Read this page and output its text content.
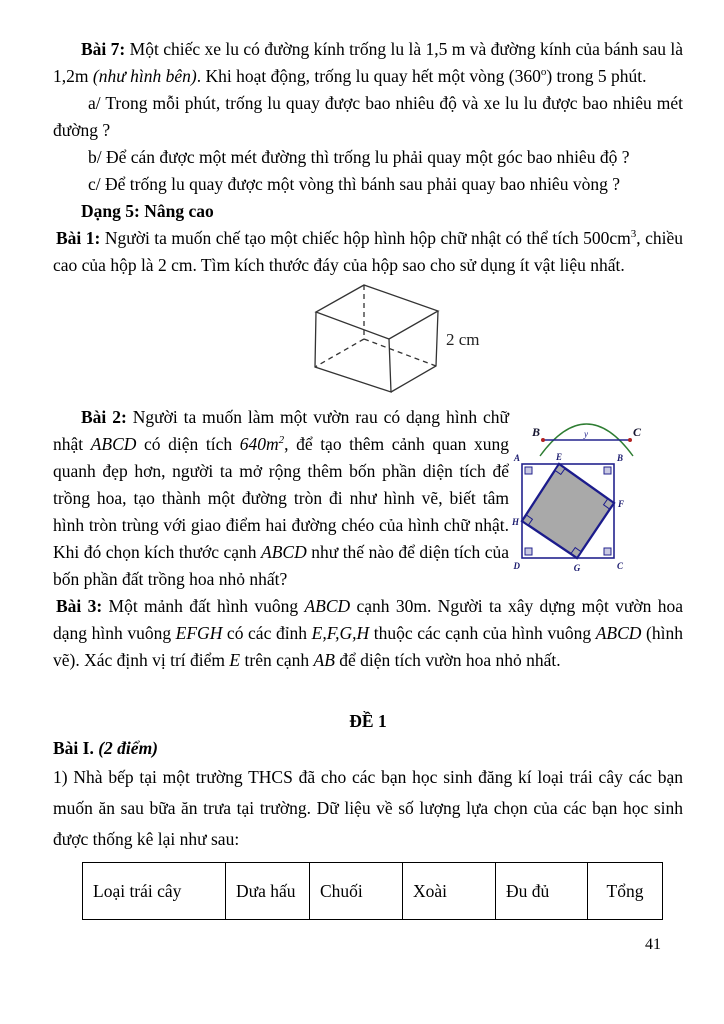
Bài 7: Một chiếc xe lu có đường kính trống lu là 1,5 m và đường kính của bánh sau là 1,2m (như hình bên). Khi hoạt động, trống lu quay hết một vòng (360$^o$) trong 5 phút.

a/ Trong mỗi phút, trống lu quay được bao nhiêu độ và xe lu lu được bao nhiêu mét đường ?

b/ Để cán được một mét đường thì trống lu phải quay một góc bao nhiêu độ ?

c/ Để trống lu quay được một vòng thì bánh sau phải quay bao nhiêu vòng ?

Dạng 5: Nâng cao

Bài 1: Người ta muốn chế tạo một chiếc hộp hình hộp chữ nhật có thể tích $500cm^3$, chiều cao của hộp là 2 cm. Tìm kích thước đáy của hộp sao cho sử dụng ít vật liệu nhất.

2 cm

Bài 2: Người ta muốn làm một vườn rau có dạng hình chữ nhật ABCD có diện tích $640m^2$, để tạo thêm cảnh quan xung quanh đẹp hơn, người ta mở rộng thêm bốn phần diện tích để trồng hoa, tạo thành một đường tròn đi như hình vẽ, biết tâm hình tròn trùng với giao điểm hai đường chéo của hình chữ nhật. Khi đó chọn kích thước cạnh ABCD như thế nào để diện tích của bốn phần đất trồng hoa nhỏ nhất?

Bài 3: Một mảnh đất hình vuông ABCD cạnh 30m. Người ta xây dựng một vườn hoa dạng hình vuông EFGH có các đỉnh E,F,G,H thuộc các cạnh của hình vuông ABCD (hình vẽ). Xác định vị trí điểm E trên cạnh AB để diện tích vườn hoa nhỏ nhất.

ĐỀ 1

Bài I. (2 điểm)

1) Nhà bếp tại một trường THCS đã cho các bạn học sinh đăng kí loại trái cây các bạn muốn ăn sau bữa ăn trưa tại trường. Dữ liệu về số lượng lựa chọn của các bạn học sinh được thống kê lại như sau:

Loại trái cây	Dưa hấu	Chuối	Xoài	Đu đủ	Tổng
B	y	C
A	E	B
F
H
D	G	C
41
